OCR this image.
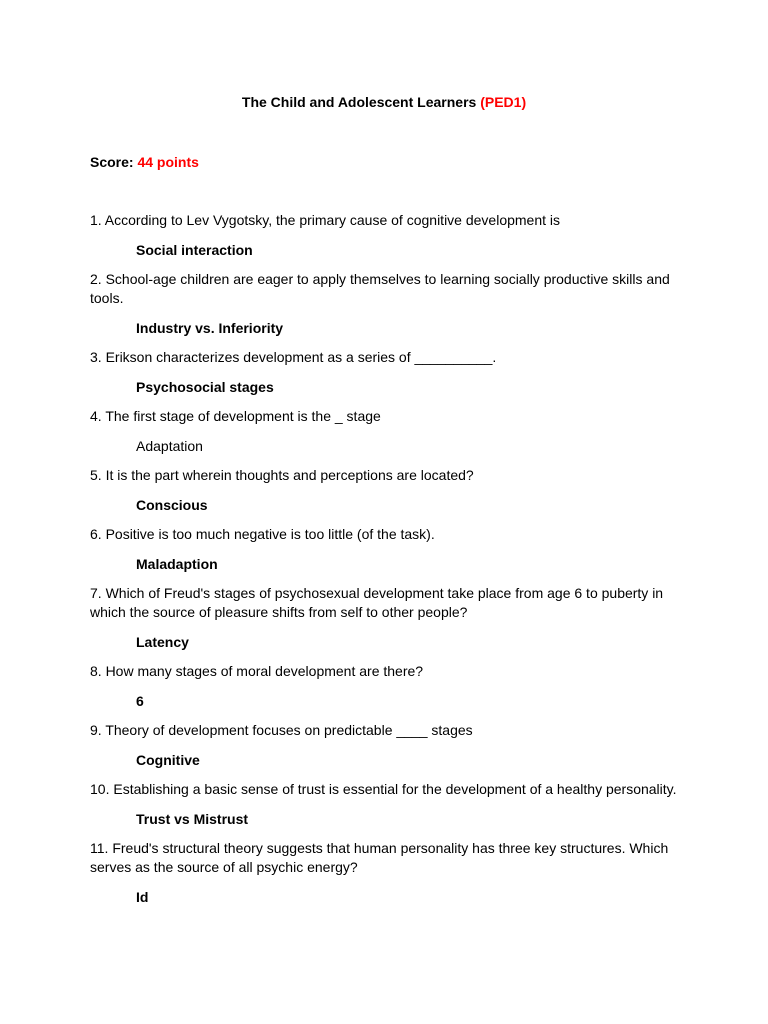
The Child and Adolescent Learners (PED1)
Score: 44 points

1. According to Lev Vygotsky, the primary cause of cognitive development is

Social interaction

2. School-age children are eager to apply themselves to learning socially productive skills and tools.

Industry vs. Inferiority

3. Erikson characterizes development as a series of __________.

Psychosocial stages

4. The first stage of development is the _ stage

Adaptation

5. It is the part wherein thoughts and perceptions are located?

Conscious

6. Positive is too much negative is too little (of the task).

Maladaption

7. Which of Freud's stages of psychosexual development take place from age 6 to puberty in which the source of pleasure shifts from self to other people?

Latency

8. How many stages of moral development are there?

6

9. Theory of development focuses on predictable ____ stages

Cognitive

10. Establishing a basic sense of trust is essential for the development of a healthy personality.

Trust vs Mistrust

11. Freud's structural theory suggests that human personality has three key structures. Which serves as the source of all psychic energy?

Id
